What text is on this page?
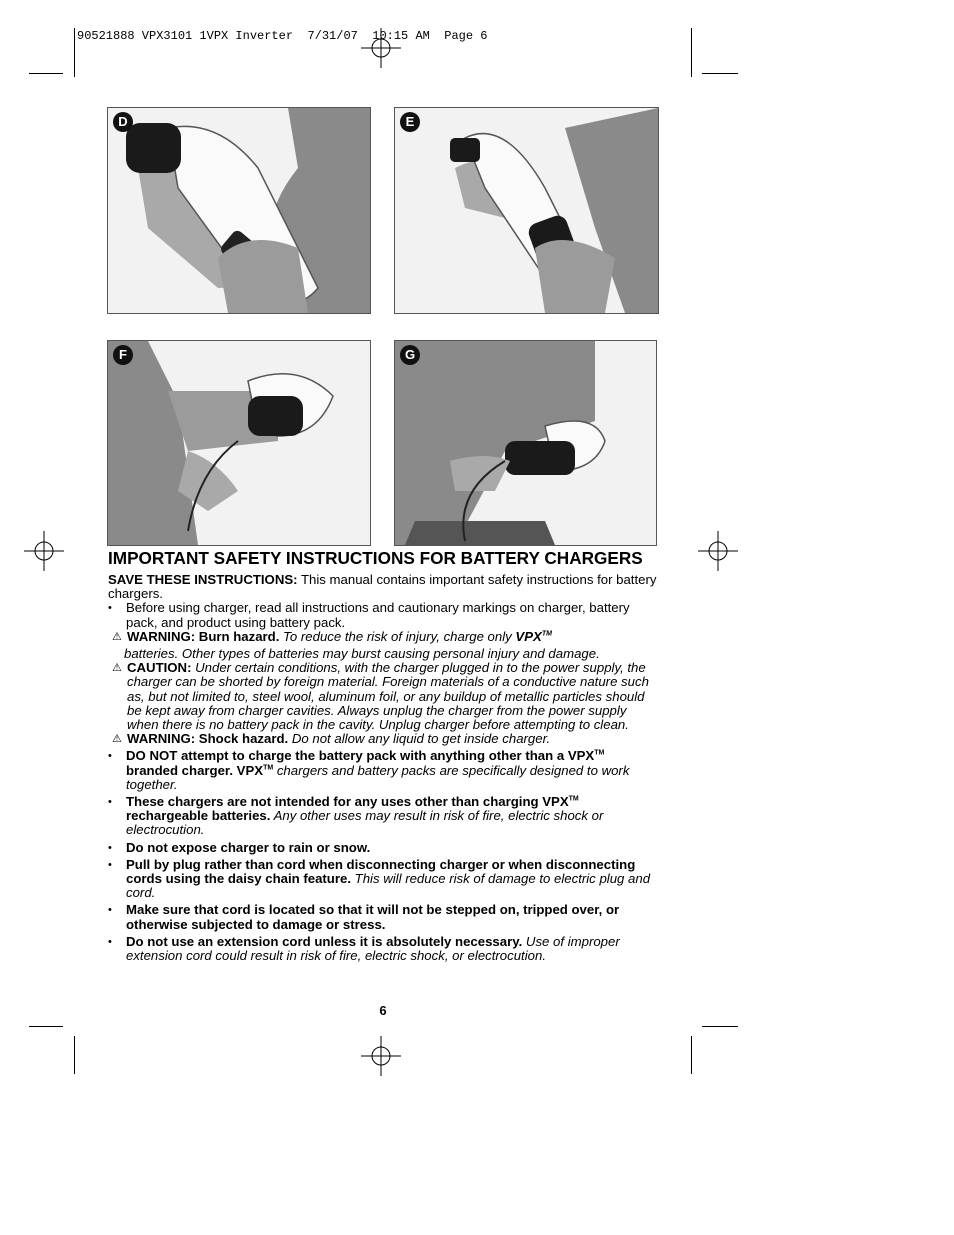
90521888 VPX3101 1VPX Inverter  7/31/07  10:15 AM  Page 6
D	E
F	G
IMPORTANT SAFETY INSTRUCTIONS FOR BATTERY CHARGERS

SAVE THESE INSTRUCTIONS: This manual contains important safety instructions for battery chargers.

• Before using charger, read all instructions and cautionary markings on charger, battery pack, and product using battery pack.

⚠ WARNING: Burn hazard. To reduce the risk of injury, charge only VPX™

batteries. Other types of batteries may burst causing personal injury and damage.

⚠ CAUTION: Under certain conditions, with the charger plugged in to the power supply, the charger can be shorted by foreign material. Foreign materials of a conductive nature such as, but not limited to, steel wool, aluminum foil, or any buildup of metallic particles should be kept away from charger cavities. Always unplug the charger from the power supply when there is no battery pack in the cavity. Unplug charger before attempting to clean.

⚠ WARNING: Shock hazard. Do not allow any liquid to get inside charger.

• DO NOT attempt to charge the battery pack with anything other than a VPX™ branded charger. VPX™ chargers and battery packs are specifically designed to work together.
• These chargers are not intended for any uses other than charging VPX™ rechargeable batteries. Any other uses may result in risk of fire, electric shock or electrocution.
• Do not expose charger to rain or snow.
• Pull by plug rather than cord when disconnecting charger or when disconnecting cords using the daisy chain feature. This will reduce risk of damage to electric plug and cord.
• Make sure that cord is located so that it will not be stepped on, tripped over, or otherwise subjected to damage or stress.
• Do not use an extension cord unless it is absolutely necessary. Use of improper extension cord could result in risk of fire, electric shock, or electrocution.
6
